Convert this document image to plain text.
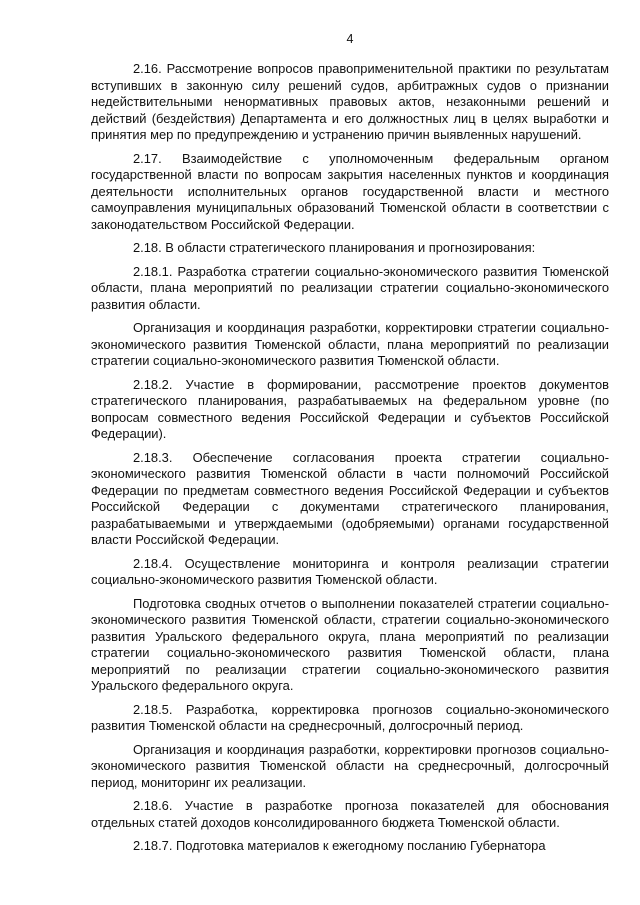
4

2.16. Рассмотрение вопросов правоприменительной практики по результатам вступивших в законную силу решений судов, арбитражных судов о признании недействительными ненормативных правовых актов, незаконными решений и действий (бездействия) Департамента и его должностных лиц в целях выработки и принятия мер по предупреждению и устранению причин выявленных нарушений.

2.17. Взаимодействие с уполномоченным федеральным органом государственной власти по вопросам закрытия населенных пунктов и координация деятельности исполнительных органов государственной власти и местного самоуправления муниципальных образований Тюменской области в соответствии с законодательством Российской Федерации.

2.18. В области стратегического планирования и прогнозирования:

2.18.1. Разработка стратегии социально-экономического развития Тюменской области, плана мероприятий по реализации стратегии социально-экономического развития области.

Организация и координация разработки, корректировки стратегии социально-экономического развития Тюменской области, плана мероприятий по реализации стратегии социально-экономического развития Тюменской области.

2.18.2. Участие в формировании, рассмотрение проектов документов стратегического планирования, разрабатываемых на федеральном уровне (по вопросам совместного ведения Российской Федерации и субъектов Российской Федерации).

2.18.3. Обеспечение согласования проекта стратегии социально-экономического развития Тюменской области в части полномочий Российской Федерации по предметам совместного ведения Российской Федерации и субъектов Российской Федерации с документами стратегического планирования, разрабатываемыми и утверждаемыми (одобряемыми) органами государственной власти Российской Федерации.

2.18.4. Осуществление мониторинга и контроля реализации стратегии социально-экономического развития Тюменской области.

Подготовка сводных отчетов о выполнении показателей стратегии социально-экономического развития Тюменской области, стратегии социально-экономического развития Уральского федерального округа, плана мероприятий по реализации стратегии социально-экономического развития Тюменской области, плана мероприятий по реализации стратегии социально-экономического развития Уральского федерального округа.

2.18.5. Разработка, корректировка прогнозов социально-экономического развития Тюменской области на среднесрочный, долгосрочный период.

Организация и координация разработки, корректировки прогнозов социально-экономического развития Тюменской области на среднесрочный, долгосрочный период, мониторинг их реализации.

2.18.6. Участие в разработке прогноза показателей для обоснования отдельных статей доходов консолидированного бюджета Тюменской области.

2.18.7. Подготовка материалов к ежегодному посланию Губернатора
